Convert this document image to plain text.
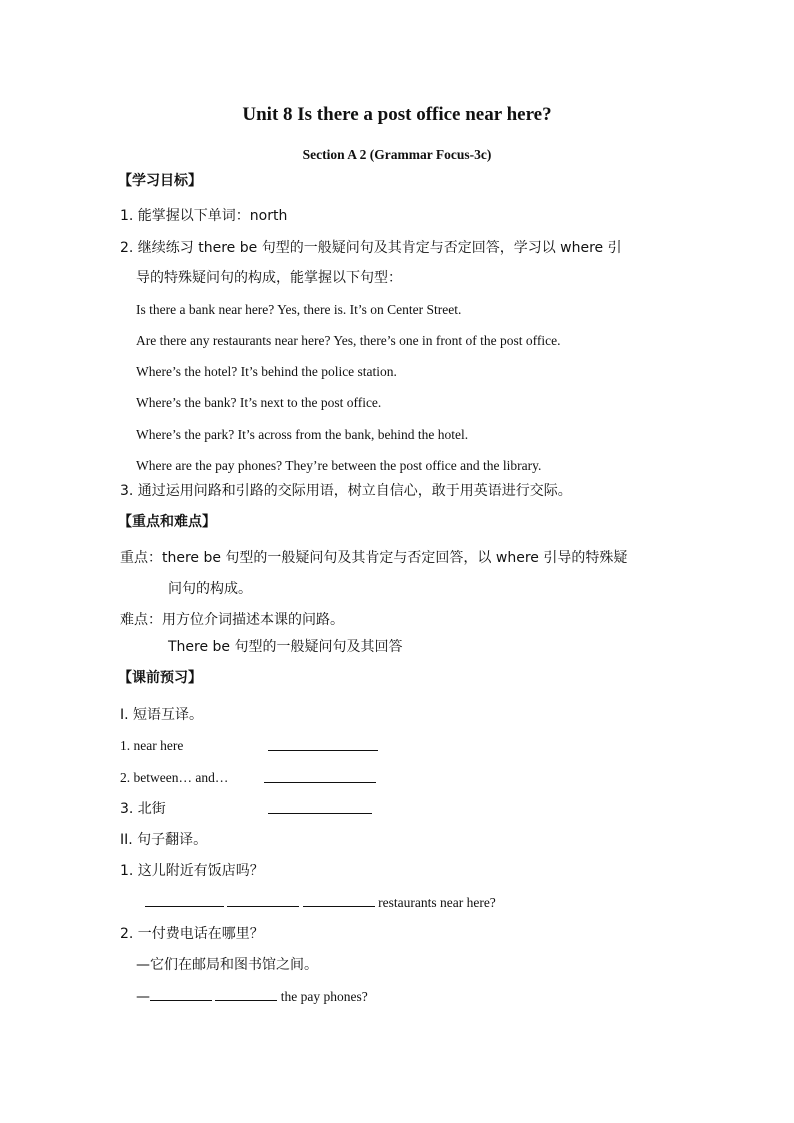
Unit 8 Is there a post office near here?
Section A 2 (Grammar Focus-3c)
【学习目标】
1. 能掌握以下单词：north
2. 继续练习 there be 句型的一般疑问句及其肯定与否定回答，学习以 where 引
导的特殊疑问句的构成，能掌握以下句型：
Is there a bank near here? Yes, there is. It’s on Center Street.
Are there any restaurants near here? Yes, there’s one in front of the post office.
Where’s the hotel? It’s behind the police station.
Where’s the bank? It’s next to the post office.
Where’s the park? It’s across from the bank, behind the hotel.
Where are the pay phones? They’re between the post office and the library.
3. 通过运用问路和引路的交际用语，树立自信心，敢于用英语进行交际。
【重点和难点】
重点：there be 句型的一般疑问句及其肯定与否定回答，以 where 引导的特殊疑
问句的构成。
难点：用方位介词描述本课的问路。
There be 句型的一般疑问句及其回答
【课前预习】
I. 短语互译。
1. near here
2. between… and…
3. 北街
II. 句子翻译。
1. 这儿附近有饭店吗？
restaurants near here?
2. 一付费电话在哪里？
—它们在邮局和图书馆之间。
—	the pay phones?
